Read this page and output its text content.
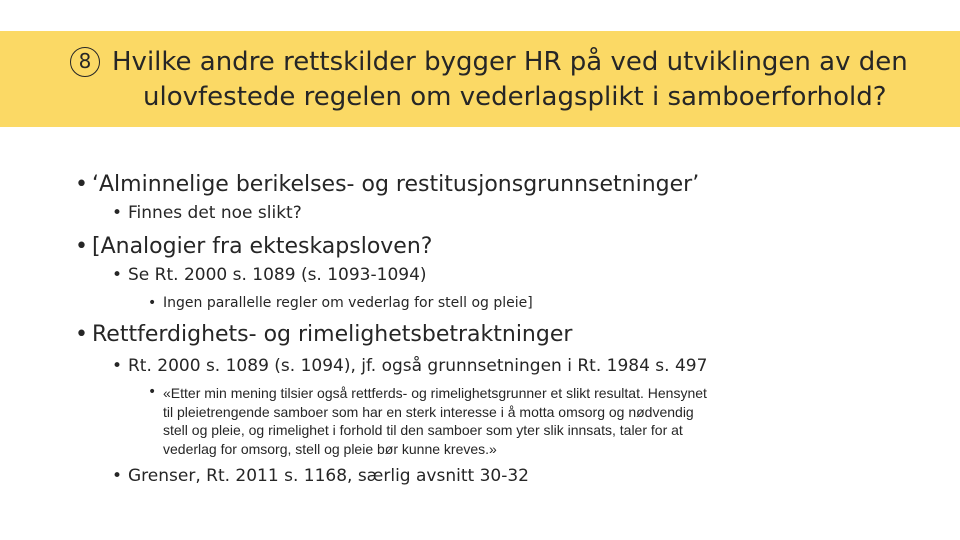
8 Hvilke andre rettskilder bygger HR på ved utviklingen av den
ulovfestede regelen om vederlagsplikt i samboerforhold?
• ‘Alminnelige berikelses- og restitusjonsgrunnsetninger’
• Finnes det noe slikt?
• [Analogier fra ekteskapsloven?
• Se Rt. 2000 s. 1089 (s. 1093-1094)
• Ingen parallelle regler om vederlag for stell og pleie]
• Rettferdighets- og rimelighetsbetraktninger
• Rt. 2000 s. 1089 (s. 1094), jf. også grunnsetningen i Rt. 1984 s. 497
• «Etter min mening tilsier også rettferds- og rimelighetsgrunner et slikt resultat. Hensynet
til pleietrengende samboer som har en sterk interesse i å motta omsorg og nødvendig
stell og pleie, og rimelighet i forhold til den samboer som yter slik innsats, taler for at
vederlag for omsorg, stell og pleie bør kunne kreves.»
• Grenser, Rt. 2011 s. 1168, særlig avsnitt 30-32
